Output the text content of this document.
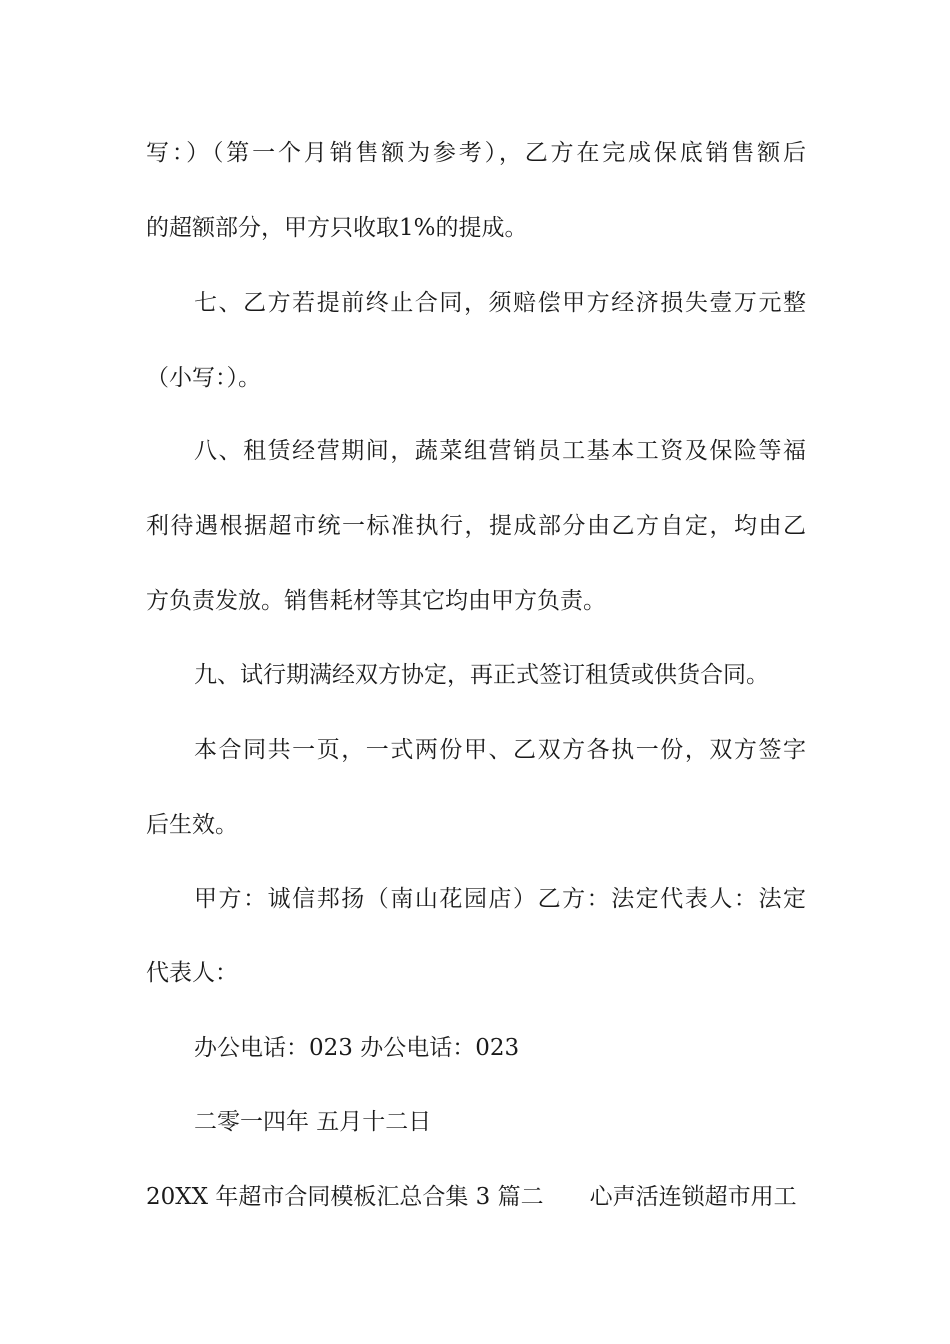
写：）（第一个月销售额为参考），乙方在完成保底销售额后
的超额部分，甲方只收取1%的提成。
七、乙方若提前终止合同，须赔偿甲方经济损失壹万元整
（小写：）。
八、租赁经营期间，蔬菜组营销员工基本工资及保险等福
利待遇根据超市统一标准执行，提成部分由乙方自定，均由乙
方负责发放。销售耗材等其它均由甲方负责。
九、试行期满经双方协定，再正式签订租赁或供货合同。
本合同共一页，一式两份甲、乙双方各执一份，双方签字
后生效。
甲方：诚信邦扬（南山花园店）乙方：法定代表人：法定
代表人：
办公电话：023 办公电话：023
二零一四年 五月十二日
20XX 年超市合同模板汇总合集 3 篇二　　心声活连锁超市用工
